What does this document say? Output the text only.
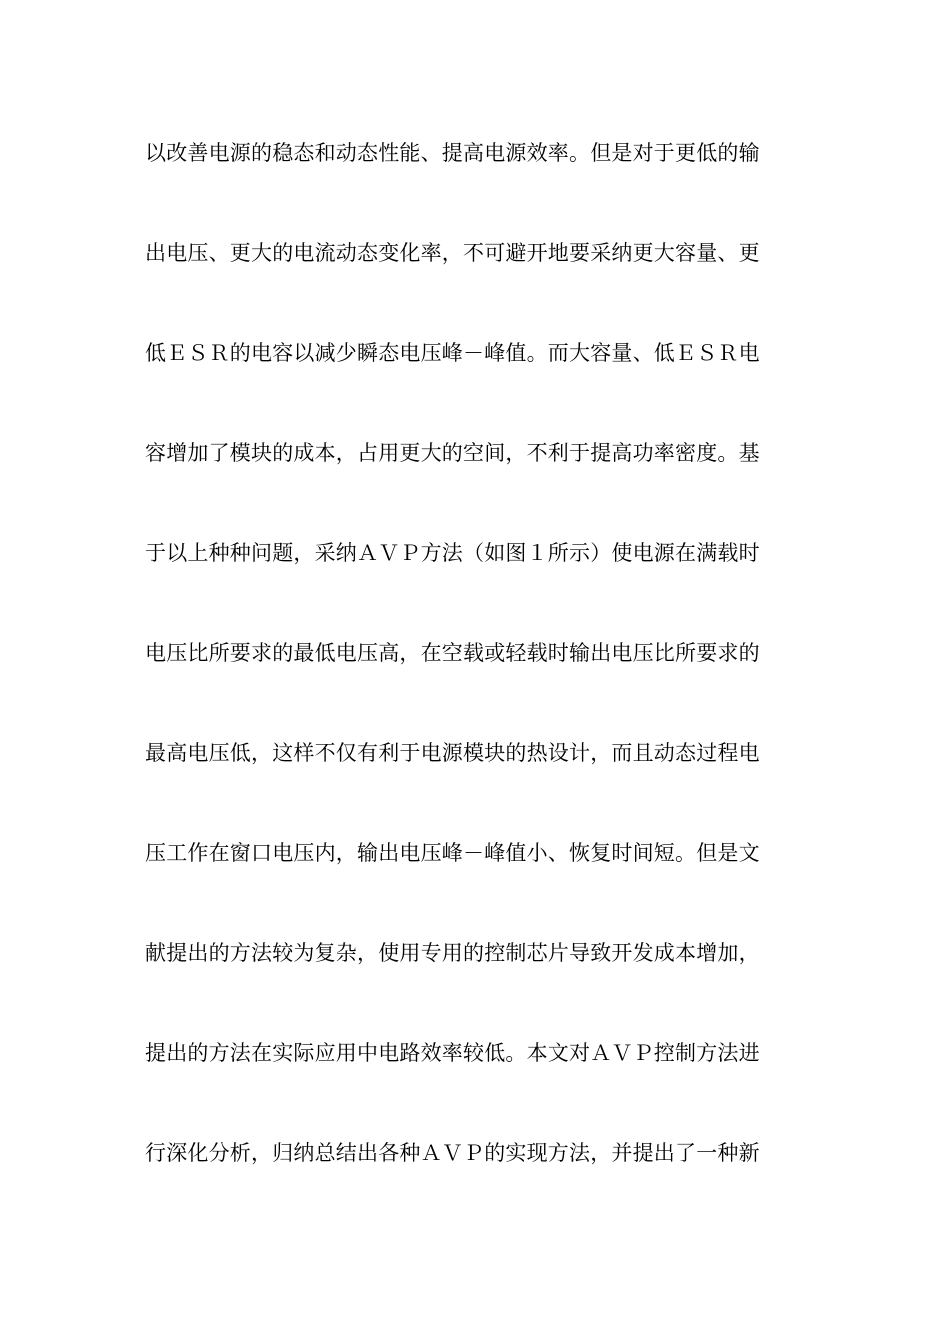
以改善电源的稳态和动态性能、提高电源效率。但是对于更低的输
出电压、更大的电流动态变化率，不可避开地要采纳更大容量、更
低ＥＳＲ的电容以减少瞬态电压峰－峰值。而大容量、低ＥＳＲ电
容增加了模块的成本，占用更大的空间，不利于提高功率密度。基
于以上种种问题，采纳ＡＶＰ方法（如图１所示）使电源在满载时
电压比所要求的最低电压高，在空载或轻载时输出电压比所要求的
最高电压低，这样不仅有利于电源模块的热设计，而且动态过程电
压工作在窗口电压内，输出电压峰－峰值小、恢复时间短。但是文
献提出的方法较为复杂，使用专用的控制芯片导致开发成本增加，
提出的方法在实际应用中电路效率较低。本文对ＡＶＰ控制方法进
行深化分析，归纳总结出各种ＡＶＰ的实现方法，并提出了一种新
